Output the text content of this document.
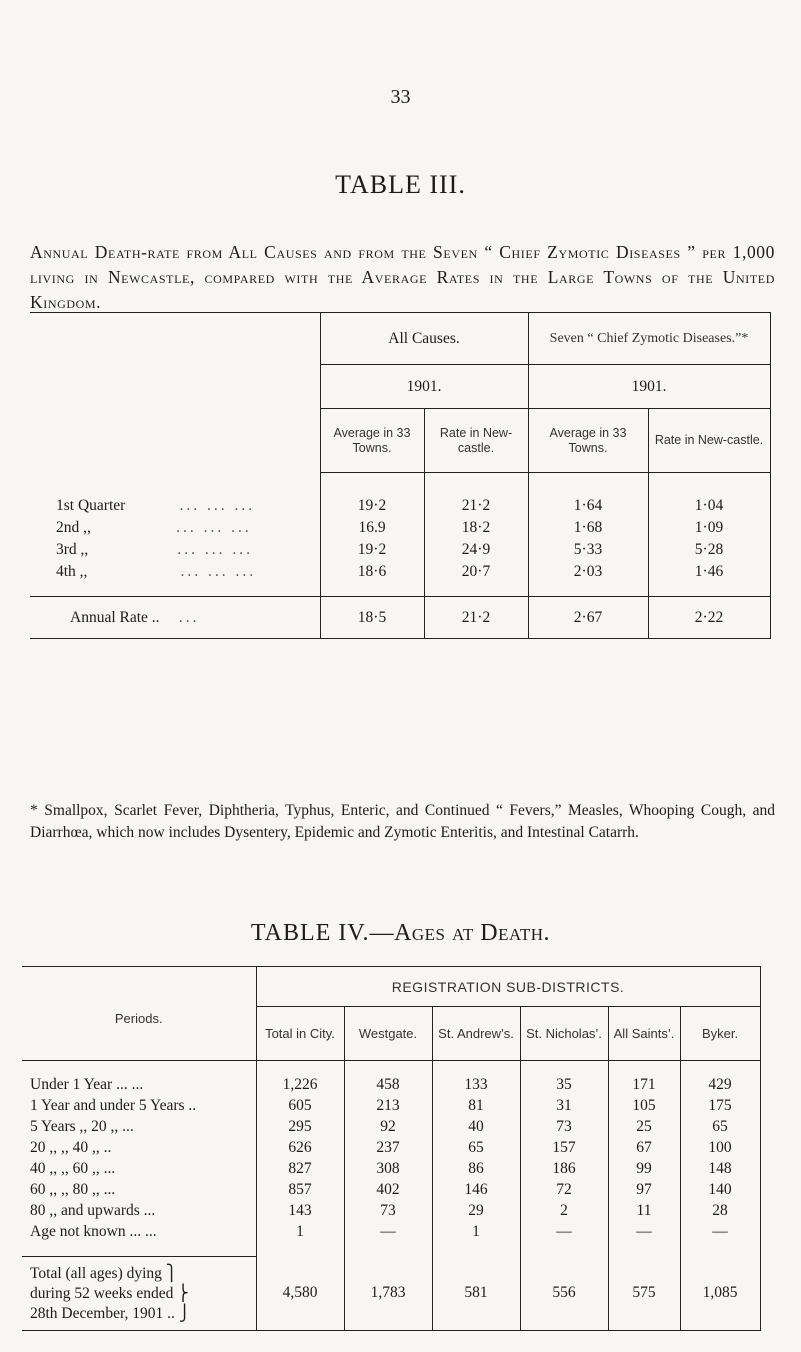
33
TABLE III.
Annual Death-rate from All Causes and from the Seven “ Chief Zymotic Diseases ” per 1,000 living in Newcastle, compared with the Average Rates in the Large Towns of the United Kingdom.
	All Causes.		Seven “ Chief Zymotic Diseases.”*	
	1901.		1901.	
	Average in 33 Towns.	Rate in New-castle.	Average in 33 Towns.	Rate in New-castle.

1st Quarter ... ... ...	19·2	21·2	1·64	1·04
2nd ,, ... ... ...	16.9	18·2	1·68	1·09
3rd ,, ... ... ...	19·2	24·9	5·33	5·28
4th ,, ... ... ...	18·6	20·7	2·03	1·46

Annual Rate .. ...	18·5	21·2	2·67	2·22
* Smallpox, Scarlet Fever, Diphtheria, Typhus, Enteric, and Continued “ Fevers,” Measles, Whooping Cough, and Diarrhœa, which now includes Dysentery, Epidemic and Zymotic Enteritis, and Intestinal Catarrh.
TABLE IV.—Ages at Death.
Periods.	REGISTRATION SUB-DISTRICTS.					
	Total in City.	Westgate.	St. Andrew’s.	St. Nicholas’.	All Saints’.	Byker.

Under 1 Year ... ...	1,226	458	133	35	171	429
1 Year and under 5 Years ..	605	213	81	31	105	175
5 Years ,, 20 ,, ...	295	92	40	73	25	65
20 ,, ,, 40 ,, ..	626	237	65	157	67	100
40 ,, ,, 60 ,, ...	827	308	86	186	99	148
60 ,, ,, 80 ,, ...	857	402	146	72	97	140
80 ,, and upwards ...	143	73	29	2	11	28
Age not known ... ...	1	—	1	—	—	—

Total (all ages) dying ⎫
during 52 weeks ended ⎬
28th December, 1901 .. ⎭	4,580	1,783	581	556	575	1,085
